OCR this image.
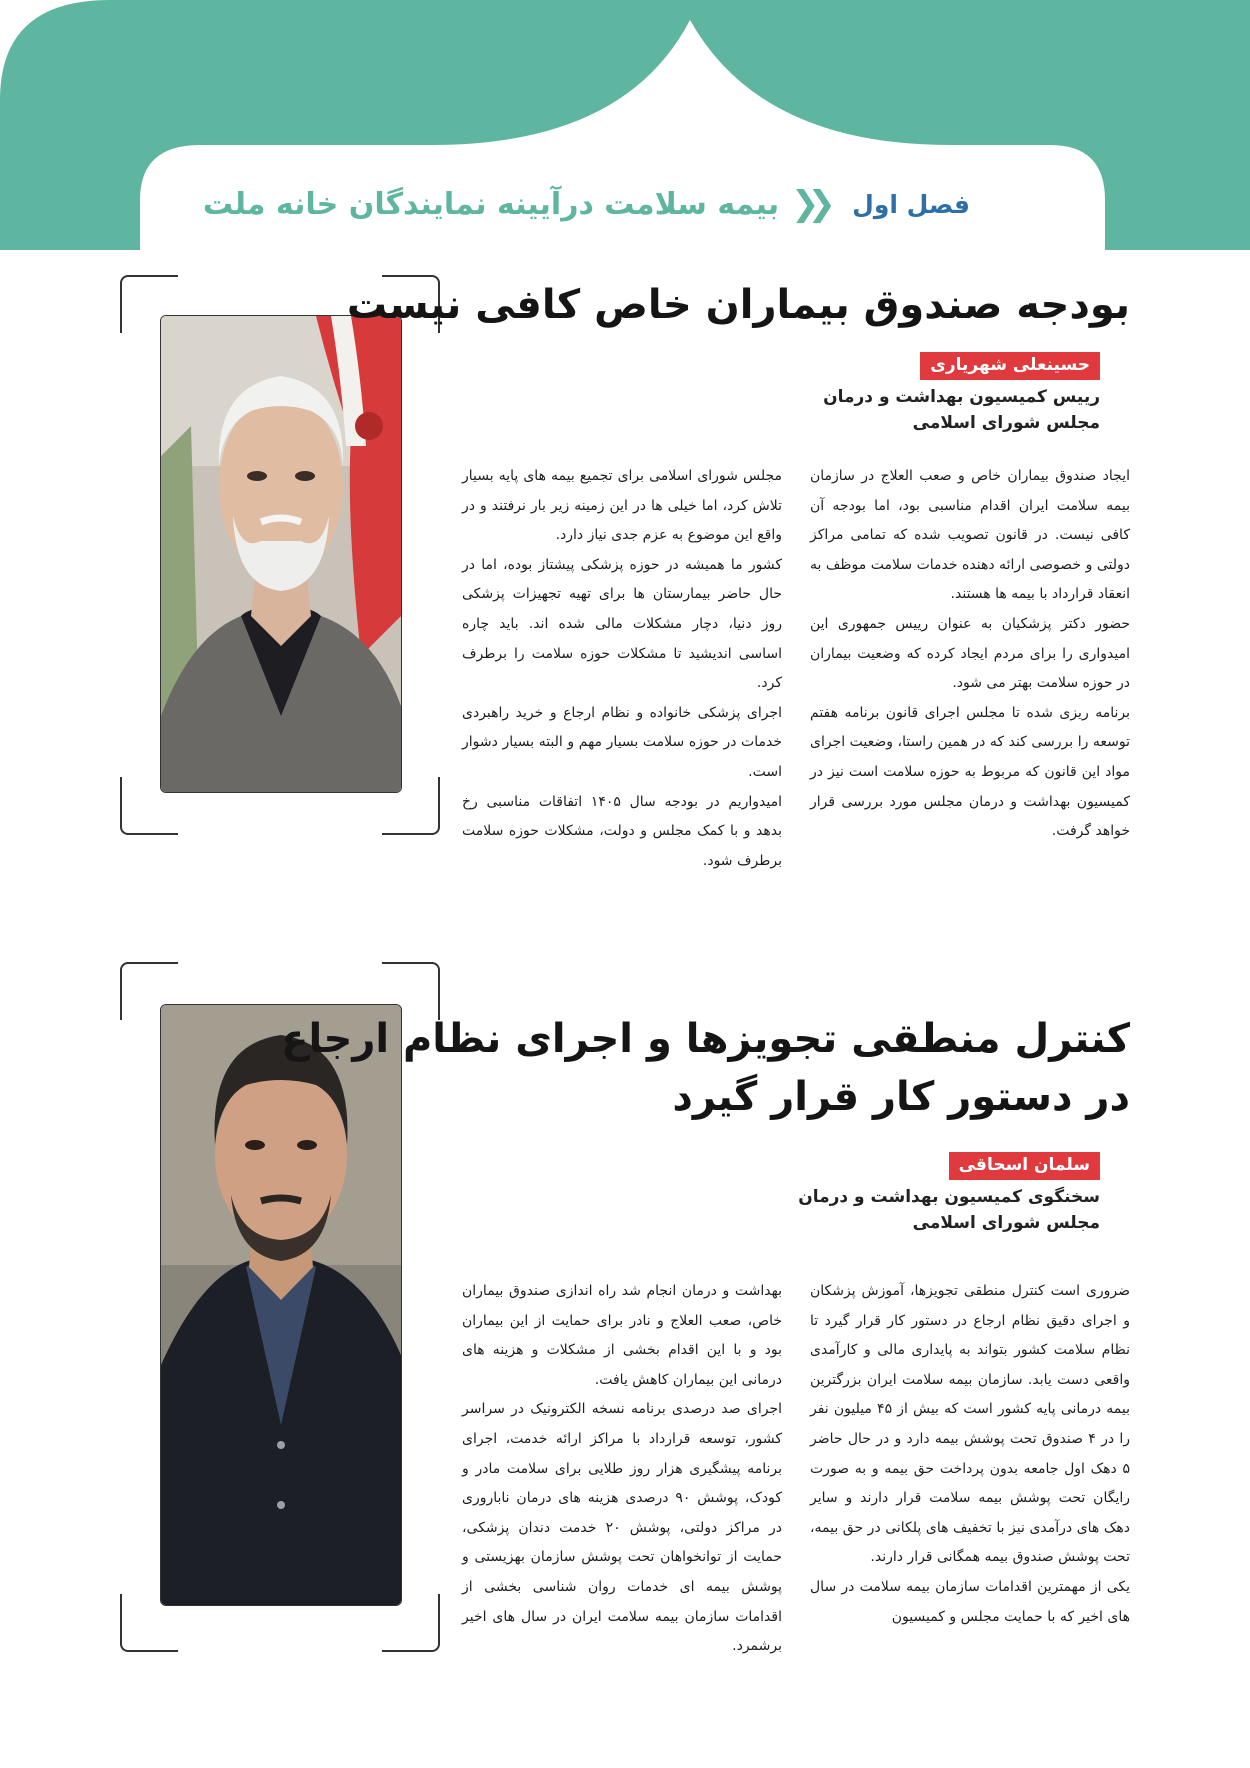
۱۱	فصل اول
❯❯
بیمه سلامت درآیینه نمایندگان خانه ملت
بودجه صندوق بیماران خاص کافی نیست
حسینعلی شهریاری
رییس کمیسیون بهداشت و درمان
مجلس شورای اسلامی

ایجاد صندوق بیماران خاص و صعب العلاج در سازمان بیمه سلامت ایران اقدام مناسبی بود، اما بودجه آن کافی نیست. در قانون تصویب شده که تمامی مراکز دولتی و خصوصی ارائه دهنده خدمات سلامت موظف به انعقاد قرارداد با بیمه ها هستند.

حضور دکتر پزشکیان به عنوان رییس جمهوری این امیدواری را برای مردم ایجاد کرده که وضعیت بیماران در حوزه سلامت بهتر می شود.

برنامه ریزی شده تا مجلس اجرای قانون برنامه هفتم توسعه را بررسی کند که در همین راستا، وضعیت اجرای مواد این قانون که مربوط به حوزه سلامت است نیز در کمیسیون بهداشت و درمان مجلس مورد بررسی قرار خواهد گرفت.

مجلس شورای اسلامی برای تجمیع بیمه های پایه بسیار تلاش کرد، اما خیلی ها در این زمینه زیر بار نرفتند و در واقع این موضوع به عزم جدی نیاز دارد.

کشور ما همیشه در حوزه پزشکی پیشتاز بوده، اما در حال حاضر بیمارستان ها برای تهیه تجهیزات پزشکی روز دنیا، دچار مشکلات مالی شده اند. باید چاره اساسی اندیشید تا مشکلات حوزه سلامت را برطرف کرد.

اجرای پزشکی خانواده و نظام ارجاع و خرید راهبردی خدمات در حوزه سلامت بسیار مهم و البته بسیار دشوار است.

امیدواریم در بودجه سال ۱۴۰۵ اتفاقات مناسبی رخ بدهد و با کمک مجلس و دولت، مشکلات حوزه سلامت برطرف شود.

کنترل منطقی تجویزها و اجرای نظام ارجاع
در دستور کار قرار گیرد
سلمان اسحاقی
سخنگوی کمیسیون بهداشت و درمان
مجلس شورای اسلامی

ضروری است کنترل منطقی تجویزها، آموزش پزشکان و اجرای دقیق نظام ارجاع در دستور کار قرار گیرد تا نظام سلامت کشور بتواند به پایداری مالی و کارآمدی واقعی دست یابد. سازمان بیمه سلامت ایران بزرگترین بیمه درمانی پایه کشور است که بیش از ۴۵ میلیون نفر را در ۴ صندوق تحت پوشش بیمه دارد و در حال حاضر ۵ دهک اول جامعه بدون پرداخت حق بیمه و به صورت رایگان تحت پوشش بیمه سلامت قرار دارند و سایر دهک های درآمدی نیز با تخفیف های پلکانی در حق بیمه، تحت پوشش صندوق بیمه همگانی قرار دارند.

یکی از مهمترین اقدامات سازمان بیمه سلامت در سال های اخیر که با حمایت مجلس و کمیسیون

بهداشت و درمان انجام شد راه اندازی صندوق بیماران خاص، صعب العلاج و نادر برای حمایت از این بیماران بود و با این اقدام بخشی از مشکلات و هزینه های درمانی این بیماران کاهش یافت.

اجرای صد درصدی برنامه نسخه الکترونیک در سراسر کشور، توسعه قرارداد با مراکز ارائه خدمت، اجرای برنامه پیشگیری هزار روز طلایی برای سلامت مادر و کودک، پوشش ۹۰ درصدی هزینه های درمان ناباروری در مراکز دولتی، پوشش ۲۰ خدمت دندان پزشکی، حمایت از توانخواهان تحت پوشش سازمان بهزیستی و پوشش بیمه ای خدمات روان شناسی بخشی از اقدامات سازمان بیمه سلامت ایران در سال های اخیر برشمرد.
